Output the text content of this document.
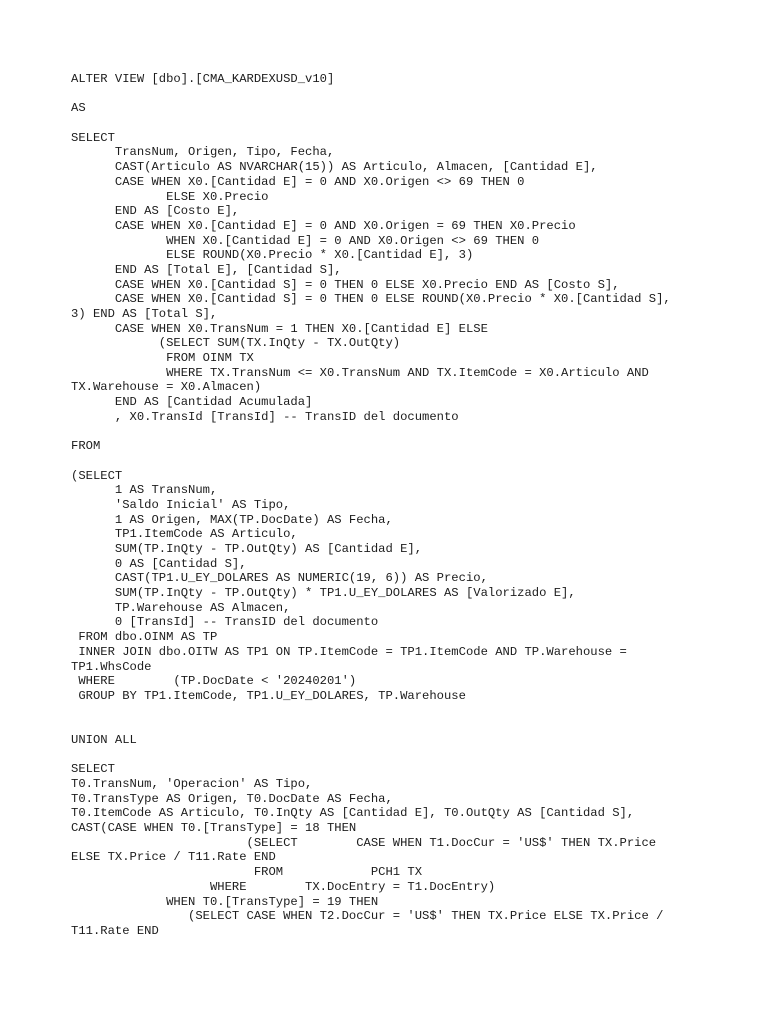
ALTER VIEW [dbo].[CMA_KARDEXUSD_v10]
AS
SELECT
TransNum, Origen, Tipo, Fecha,
CAST(Articulo AS NVARCHAR(15)) AS Articulo, Almacen, [Cantidad E],
CASE WHEN X0.[Cantidad E] = 0 AND X0.Origen <> 69 THEN 0
ELSE X0.Precio
END AS [Costo E],
CASE WHEN X0.[Cantidad E] = 0 AND X0.Origen = 69 THEN X0.Precio
WHEN X0.[Cantidad E] = 0 AND X0.Origen <> 69 THEN 0
ELSE ROUND(X0.Precio * X0.[Cantidad E], 3)
END AS [Total E], [Cantidad S],
CASE WHEN X0.[Cantidad S] = 0 THEN 0 ELSE X0.Precio END AS [Costo S],
CASE WHEN X0.[Cantidad S] = 0 THEN 0 ELSE ROUND(X0.Precio * X0.[Cantidad S],
3) END AS [Total S],
CASE WHEN X0.TransNum = 1 THEN X0.[Cantidad E] ELSE
(SELECT SUM(TX.InQty - TX.OutQty)
FROM OINM TX
WHERE TX.TransNum <= X0.TransNum AND TX.ItemCode = X0.Articulo AND
TX.Warehouse = X0.Almacen)
END AS [Cantidad Acumulada]
, X0.TransId [TransId] -- TransID del documento
FROM
(SELECT
1 AS TransNum,
'Saldo Inicial' AS Tipo,
1 AS Origen, MAX(TP.DocDate) AS Fecha,
TP1.ItemCode AS Articulo,
SUM(TP.InQty - TP.OutQty) AS [Cantidad E],
0 AS [Cantidad S],
CAST(TP1.U_EY_DOLARES AS NUMERIC(19, 6)) AS Precio,
SUM(TP.InQty - TP.OutQty) * TP1.U_EY_DOLARES AS [Valorizado E],
TP.Warehouse AS Almacen,
0 [TransId] -- TransID del documento
FROM dbo.OINM AS TP
INNER JOIN dbo.OITW AS TP1 ON TP.ItemCode = TP1.ItemCode AND TP.Warehouse =
TP1.WhsCode
WHERE        (TP.DocDate < '20240201')
GROUP BY TP1.ItemCode, TP1.U_EY_DOLARES, TP.Warehouse
UNION ALL
SELECT
T0.TransNum, 'Operacion' AS Tipo,
T0.TransType AS Origen, T0.DocDate AS Fecha,
T0.ItemCode AS Articulo, T0.InQty AS [Cantidad E], T0.OutQty AS [Cantidad S],
CAST(CASE WHEN T0.[TransType] = 18 THEN
(SELECT        CASE WHEN T1.DocCur = 'US$' THEN TX.Price
ELSE TX.Price / T11.Rate END
FROM            PCH1 TX
WHERE        TX.DocEntry = T1.DocEntry)
WHEN T0.[TransType] = 19 THEN
(SELECT CASE WHEN T2.DocCur = 'US$' THEN TX.Price ELSE TX.Price /
T11.Rate END
